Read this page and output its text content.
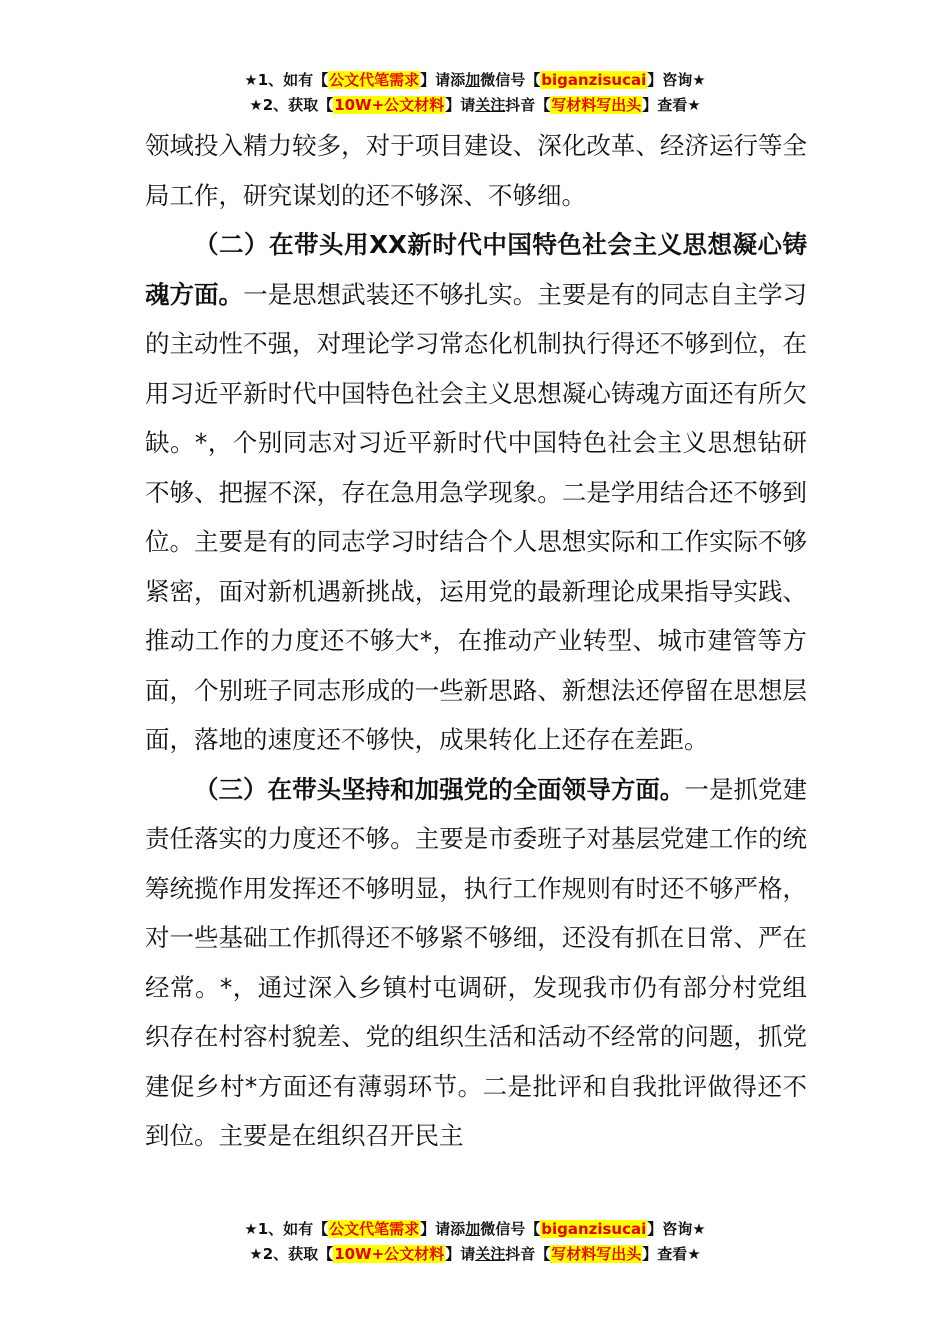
★1、如有【公文代笔需求】请添加微信号【biganzisucai】咨询★
★2、获取【10W+公文材料】请关注抖音【写材料写出头】查看★

领域投入精力较多，对于项目建设、深化改革、经济运行等全局工作，研究谋划的还不够深、不够细。

（二）在带头用XX新时代中国特色社会主义思想凝心铸魂方面。一是思想武装还不够扎实。主要是有的同志自主学习的主动性不强，对理论学习常态化机制执行得还不够到位，在用习近平新时代中国特色社会主义思想凝心铸魂方面还有所欠缺。*，个别同志对习近平新时代中国特色社会主义思想钻研不够、把握不深，存在急用急学现象。二是学用结合还不够到位。主要是有的同志学习时结合个人思想实际和工作实际不够紧密，面对新机遇新挑战，运用党的最新理论成果指导实践、推动工作的力度还不够大*，在推动产业转型、城市建管等方面，个别班子同志形成的一些新思路、新想法还停留在思想层面，落地的速度还不够快，成果转化上还存在差距。

（三）在带头坚持和加强党的全面领导方面。一是抓党建责任落实的力度还不够。主要是市委班子对基层党建工作的统筹统揽作用发挥还不够明显，执行工作规则有时还不够严格，对一些基础工作抓得还不够紧不够细，还没有抓在日常、严在经常。*，通过深入乡镇村屯调研，发现我市仍有部分村党组织存在村容村貌差、党的组织生活和活动不经常的问题，抓党建促乡村*方面还有薄弱环节。二是批评和自我批评做得还不到位。主要是在组织召开民主

★1、如有【公文代笔需求】请添加微信号【biganzisucai】咨询★
★2、获取【10W+公文材料】请关注抖音【写材料写出头】查看★
